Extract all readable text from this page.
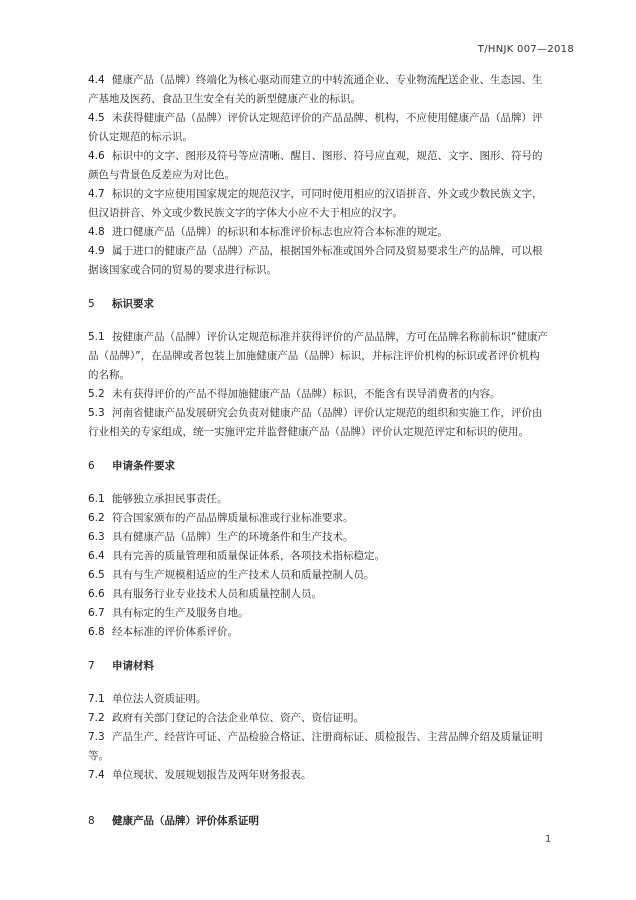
T/HNJK 007—2018

4.4 健康产品（品牌）终端化为核心驱动而建立的中转流通企业、专业物流配送企业、生态园、生产基地及医药、食品卫生安全有关的新型健康产业的标识。

4.5 未获得健康产品（品牌）评价认定规范评价的产品品牌、机构，不应使用健康产品（品牌）评价认定规范的标示识。

4.6 标识中的文字、图形及符号等应清晰、醒目、图形、符号应直观，规范、文字、图形、符号的颜色与背景色反差应为对比色。

4.7 标识的文字应使用国家规定的规范汉字，可同时使用相应的汉语拼音、外文或少数民族文字，但汉语拼音、外文或少数民族文字的字体大小应不大于相应的汉字。

4.8 进口健康产品（品牌）的标识和本标准评价标志也应符合本标准的规定。

4.9 属于进口的健康产品（品牌）产品，根据国外标准或国外合同及贸易要求生产的品牌，可以根据该国家或合同的贸易的要求进行标识。

5 标识要求

5.1 按健康产品（品牌）评价认定规范标准并获得评价的产品品牌，方可在品牌名称前标识“健康产品（品牌）”，在品牌或者包装上加施健康产品（品牌）标识，并标注评价机构的标识或者评价机构的名称。

5.2 未有获得评价的产品不得加施健康产品（品牌）标识，不能含有误导消费者的内容。

5.3 河南省健康产品发展研究会负责对健康产品（品牌）评价认定规范的组织和实施工作，评价由行业相关的专家组成，统一实施评定并监督健康产品（品牌）评价认定规范评定和标识的使用。

6 申请条件要求

6.1 能够独立承担民事责任。

6.2 符合国家颁布的产品品牌质量标准或行业标准要求。

6.3 具有健康产品（品牌）生产的环境条件和生产技术。

6.4 具有完善的质量管理和质量保证体系，各项技术指标稳定。

6.5 具有与生产规模相适应的生产技术人员和质量控制人员。

6.6 具有服务行业专业技术人员和质量控制人员。

6.7 具有标定的生产及服务自地。

6.8 经本标准的评价体系评价。

7 申请材料

7.1 单位法人资质证明。

7.2 政府有关部门登记的合法企业单位、资产、资信证明。

7.3 产品生产、经营许可证、产品检验合格证、注册商标证、质检报告、主营品牌介绍及质量证明等。

7.4 单位现状、发展规划报告及两年财务报表。

8 健康产品（品牌）评价体系证明

1
